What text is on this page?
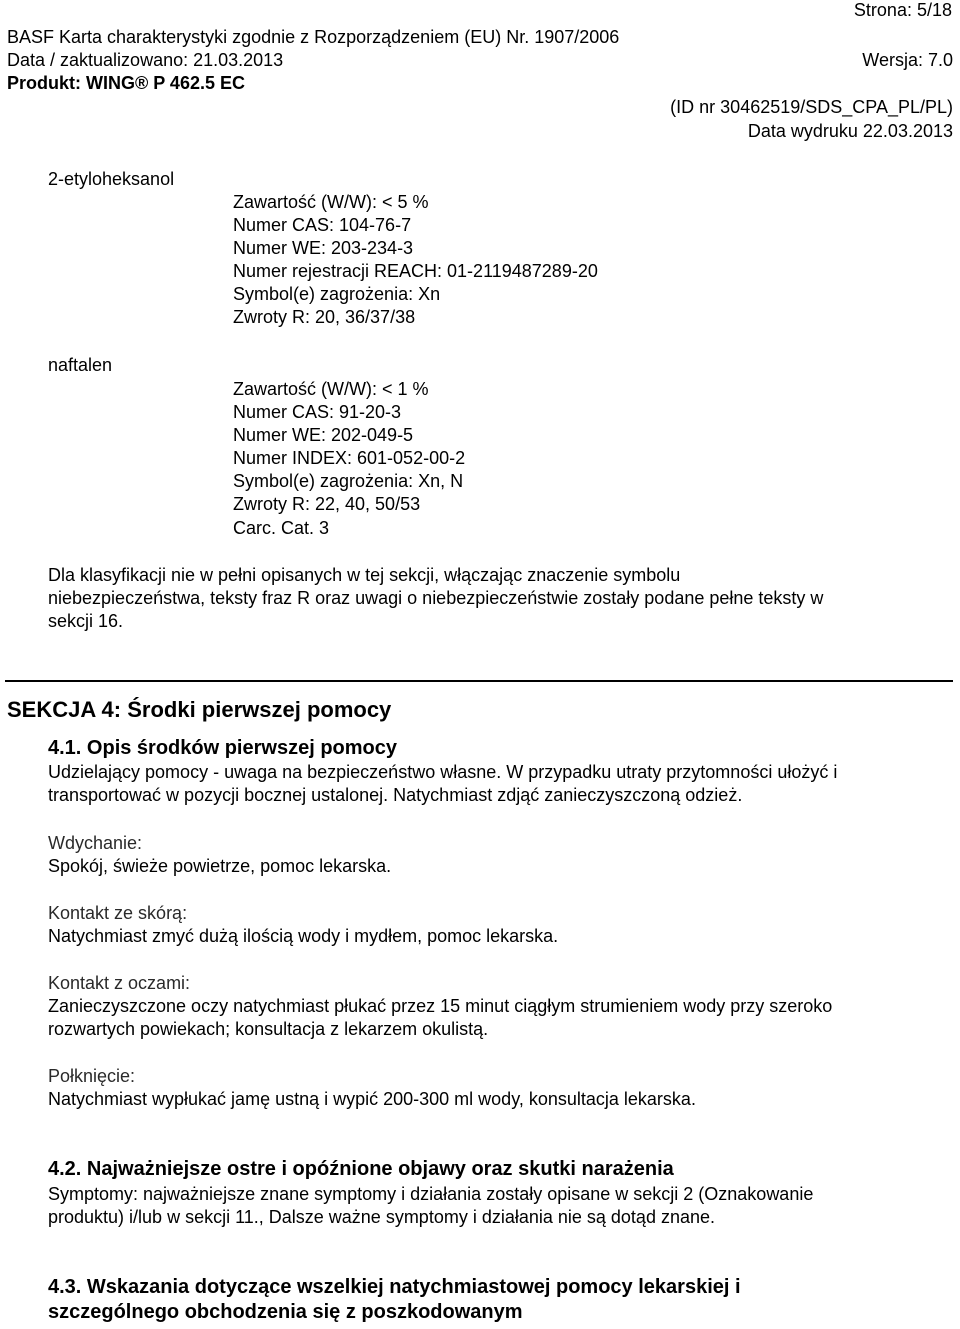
Strona: 5/18
BASF Karta charakterystyki zgodnie z Rozporządzeniem (EU) Nr. 1907/2006
Data / zaktualizowano: 21.03.2013	Wersja: 7.0
Produkt: WING® P 462.5 EC
(ID nr 30462519/SDS_CPA_PL/PL)
Data wydruku 22.03.2013
2-etyloheksanol
Zawartość (W/W): < 5 %
Numer CAS: 104-76-7
Numer WE: 203-234-3
Numer rejestracji REACH: 01-2119487289-20
Symbol(e) zagrożenia: Xn
Zwroty R: 20, 36/37/38
naftalen
Zawartość (W/W): < 1 %
Numer CAS: 91-20-3
Numer WE: 202-049-5
Numer INDEX: 601-052-00-2
Symbol(e) zagrożenia: Xn, N
Zwroty R: 22, 40, 50/53
Carc. Cat. 3
Dla klasyfikacji nie w pełni opisanych w tej sekcji, włączając znaczenie symbolu
niebezpieczeństwa, teksty fraz R oraz uwagi o niebezpieczeństwie zostały podane pełne teksty w
sekcji 16.
SEKCJA 4: Środki pierwszej pomocy
4.1. Opis środków pierwszej pomocy
Udzielający pomocy - uwaga na bezpieczeństwo własne. W przypadku utraty przytomności ułożyć i
transportować w pozycji bocznej ustalonej. Natychmiast zdjąć zanieczyszczoną odzież.
Wdychanie:
Spokój, świeże powietrze, pomoc lekarska.
Kontakt ze skórą:
Natychmiast zmyć dużą ilością wody i mydłem, pomoc lekarska.
Kontakt z oczami:
Zanieczyszczone oczy natychmiast płukać przez 15 minut ciągłym strumieniem wody przy szeroko
rozwartych powiekach; konsultacja z lekarzem okulistą.
Połknięcie:
Natychmiast wypłukać jamę ustną i wypić 200-300 ml wody, konsultacja lekarska.
4.2. Najważniejsze ostre i opóźnione objawy oraz skutki narażenia
Symptomy: najważniejsze znane symptomy i działania zostały opisane w sekcji 2 (Oznakowanie
produktu) i/lub w sekcji 11., Dalsze ważne symptomy i działania nie są dotąd znane.
4.3. Wskazania dotyczące wszelkiej natychmiastowej pomocy lekarskiej i
szczególnego obchodzenia się z poszkodowanym
